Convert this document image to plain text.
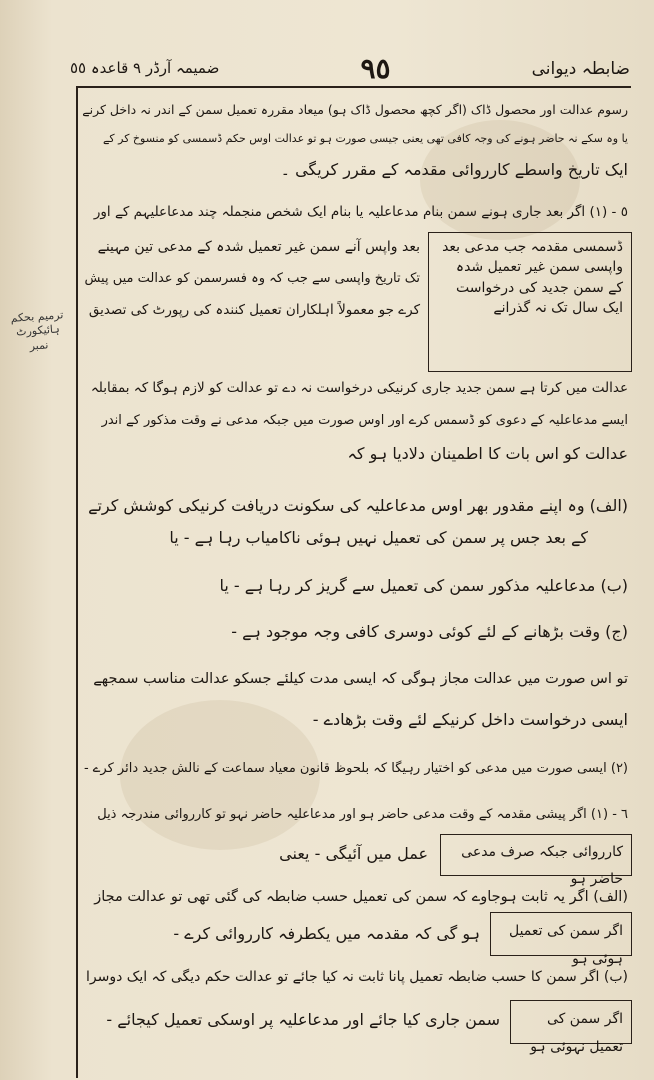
ضابطہ دیوانی
٩٥
ضمیمہ آرڈر ٩ قاعدہ ٥٥
ترمیم بحکم ہائیکورٹ نمبر
رسوم عدالت اور محصول ڈاک (اگر کچھ محصول ڈاک ہو) میعاد مقررہ تعمیل سمن کے اندر نہ داخل کرنے
یا وہ سکے نہ حاضر ہونے کی وجہ کافی تھی یعنی جیسی صورت ہو تو عدالت اوس حکم ڈسمسی کو منسوخ کر کے
ایک تاریخ واسطے کارروائی مقدمہ کے مقرر کریگی ۔
٥ - (١) اگر بعد جاری ہونے سمن بنام مدعاعلیہ یا بنام ایک شخص منجملہ چند مدعاعلیہم کے اور
ڈسمسی مقدمہ جب مدعی بعد واپسی سمن غیر تعمیل شدہ کے سمن جدید کی درخواست ایک سال تک نہ گذرانے
بعد واپس آنے سمن غیر تعمیل شدہ کے مدعی تین مہینے
تک تاریخ واپسی سے جب کہ وہ فسرسمن کو عدالت میں پیش
کرے جو معمولاً اہلکاران تعمیل کنندہ کی رپورٹ کی تصدیق
عدالت میں کرتا ہے سمن جدید جاری کرنیکی درخواست نہ دے تو عدالت کو لازم ہوگا کہ بمقابلہ
ایسے مدعاعلیہ کے دعوی کو ڈسمس کرے اور اوس صورت میں جبکہ مدعی نے وقت مذکور کے اندر
عدالت کو اس بات کا اطمینان دلادیا ہو کہ
(الف) وہ اپنے مقدور بھر اوس مدعاعلیہ کی سکونت دریافت کرنیکی کوشش کرتے
کے بعد جس پر سمن کی تعمیل نہیں ہوئی ناکامیاب رہا ہے - یا
(ب) مدعاعلیہ مذکور سمن کی تعمیل سے گریز کر رہا ہے - یا
(ج) وقت بڑھانے کے لئے کوئی دوسری کافی وجہ موجود ہے -
تو اس صورت میں عدالت مجاز ہوگی کہ ایسی مدت کیلئے جسکو عدالت مناسب سمجھے
ایسی درخواست داخل کرنیکے لئے وقت بڑھادے -
(٢) ایسی صورت میں مدعی کو اختیار رہیگا کہ بلحوظ قانون معیاد سماعت کے نالش جدید دائر کرے -
٦ - (١) اگر پیشی مقدمہ کے وقت مدعی حاضر ہو اور مدعاعلیہ حاضر نہو تو کارروائی مندرجہ ذیل
کارروائی جبکہ صرف مدعی حاضر ہو
عمل میں آئیگی - یعنی
(الف) اگر یہ ثابت ہوجاوے کہ سمن کی تعمیل حسب ضابطہ کی گئی تھی تو عدالت مجاز
اگر سمن کی تعمیل ہوئی ہو
ہو گی کہ مقدمہ میں یکطرفہ کارروائی کرے -
(ب) اگر سمن کا حسب ضابطہ تعمیل پانا ثابت نہ کیا جائے تو عدالت حکم دیگی کہ ایک دوسرا
اگر سمن کی تعمیل نہوئی ہو
سمن جاری کیا جائے اور مدعاعلیہ پر اوسکی تعمیل کیجائے -
